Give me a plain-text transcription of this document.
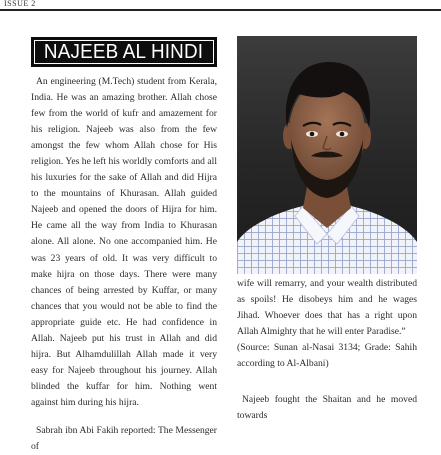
ISSUE 2
NAJEEB AL HINDI

An engineering (M.Tech) student from Kerala, India. He was an amazing brother. Allah chose few from the world of kufr and amazement for his religion. Najeeb was also from the few amongst the few whom Allah chose for His religion. Yes he left his worldly comforts and all his luxuries for the sake of Allah and did Hijra to the mountains of Khurasan. Allah guided Najeeb and opened the doors of Hijra for him. He came all the way from India to Khurasan alone. All alone. No one accompanied him. He was 23 years of old. It was very difficult to make hijra on those days. There were many chances of being arrested by Kuffar, or many chances that you would not be able to find the appropriate guide etc. He had confidence in Allah. Najeeb put his trust in Allah and did hijra. But Alhamdulillah Allah made it very easy for Najeeb throughout his journey. Allah blinded the kuffar for him. Nothing went against him during his hijra.

Sabrah ibn Abi Fakih reported: The Messenger of

wife will remarry, and your wealth distributed as spoils! He disobeys him and he wages Jihad. Whoever does that has a right upon Allah Almighty that he will enter Paradise.”

(Source: Sunan al-Nasai 3134; Grade: Sahih according to Al-Albani)

Najeeb fought the Shaitan and he moved towards
